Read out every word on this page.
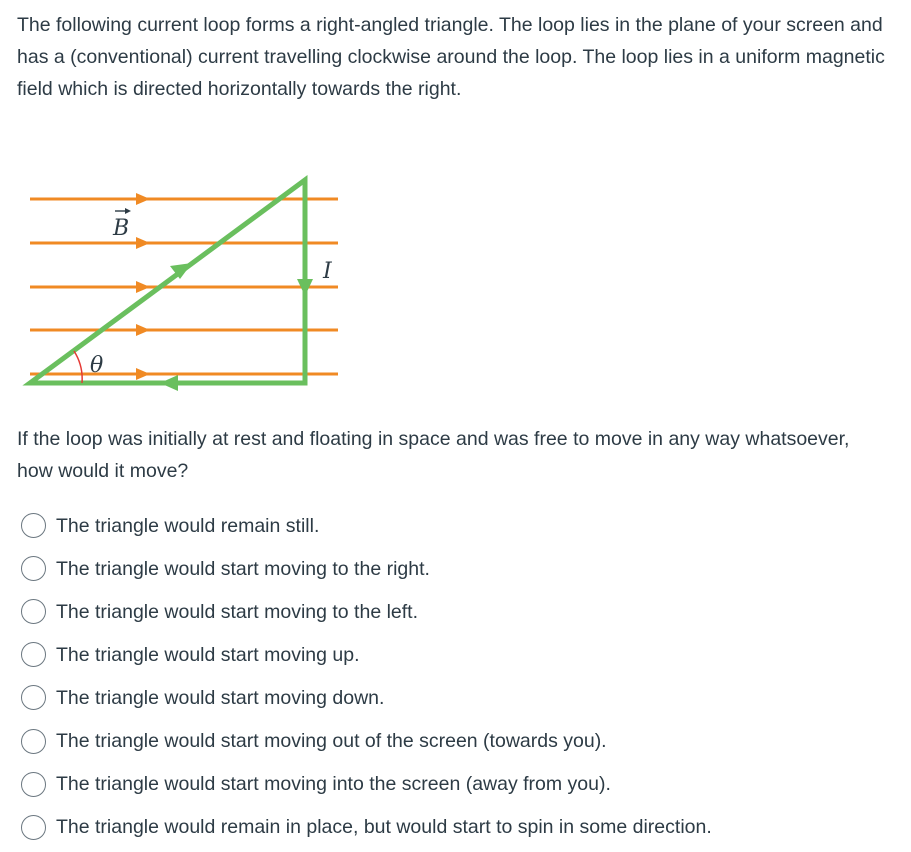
The following current loop forms a right-angled triangle. The loop lies in the plane of your screen and has a (conventional) current travelling clockwise around the loop. The loop lies in a uniform magnetic field which is directed horizontally towards the right.

B
I
θ

If the loop was initially at rest and floating in space and was free to move in any way whatsoever, how would it move?

The triangle would remain still.
The triangle would start moving to the right.
The triangle would start moving to the left.
The triangle would start moving up.
The triangle would start moving down.
The triangle would start moving out of the screen (towards you).
The triangle would start moving into the screen (away from you).
The triangle would remain in place, but would start to spin in some direction.
